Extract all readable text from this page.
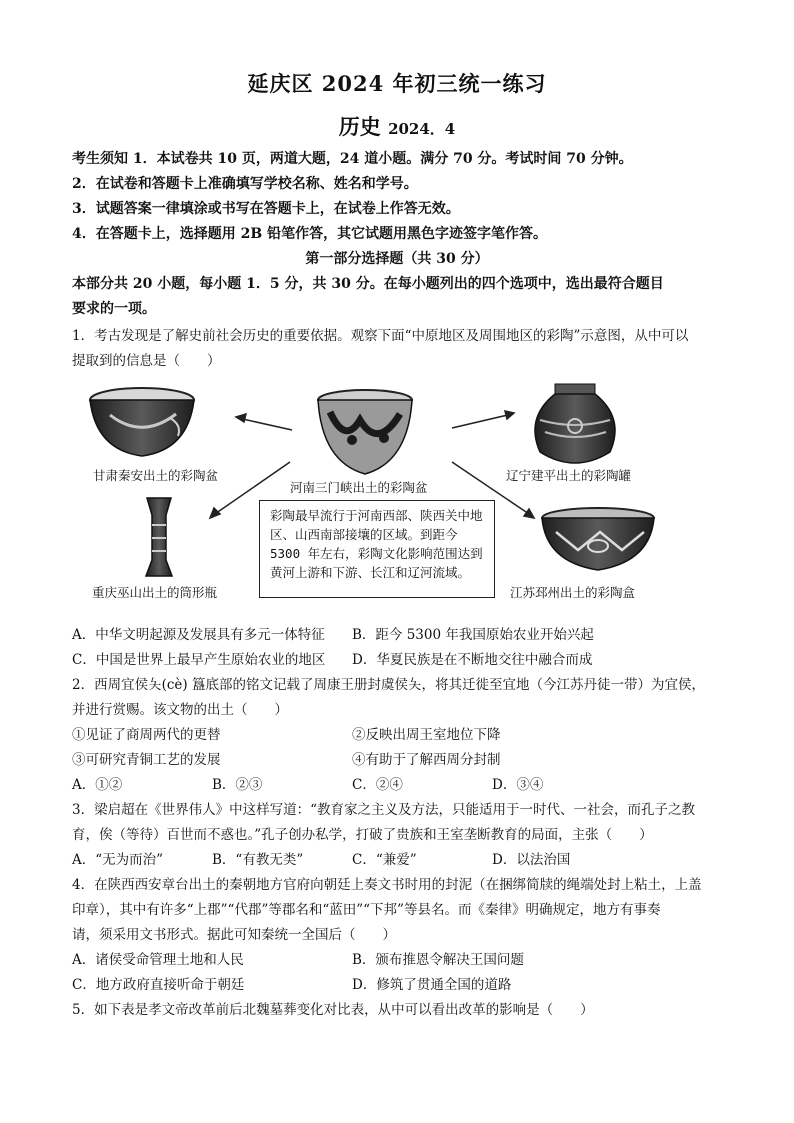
延庆区 2024 年初三统一练习
历史 2024．4
考生须知 1．本试卷共 10 页，两道大题，24 道小题。满分 70 分。考试时间 70 分钟。
2．在试卷和答题卡上准确填写学校名称、姓名和学号。
3．试题答案一律填涂或书写在答题卡上，在试卷上作答无效。
4．在答题卡上，选择题用 2B 铅笔作答，其它试题用黑色字迹签字笔作答。
第一部分选择题（共 30 分）
本部分共 20 小题，每小题 1．5 分，共 30 分。在每小题列出的四个选项中，选出最符合题目
要求的一项。
1．考古发现是了解史前社会历史的重要依据。观察下面“中原地区及周围地区的彩陶”示意图，从中可以
提取到的信息是（　　）
甘肃秦安出土的彩陶盆
河南三门峡出土的彩陶盆
辽宁建平出土的彩陶罐
重庆巫山出土的筒形瓶	江苏邳州出土的彩陶盒
彩陶最早流行于河南西部、陕西关中地区、山西南部接壤的区域。到距今 5300 年左右，彩陶文化影响范围达到黄河上游和下游、长江和辽河流域。
A．中华文明起源及发展具有多元一体特征 B．距今 5300 年我国原始农业开始兴起
C．中国是世界上最早产生原始农业的地区 D．华夏民族是在不断地交往中融合而成
2．西周宜侯夨(cè) 簋底部的铭文记载了周康王册封虞侯夨，将其迁徙至宜地（今江苏丹徒一带）为宜侯，
并进行赏赐。该文物的出土（　　）
①见证了商周两代的更替	②反映出周王室地位下降
③可研究青铜工艺的发展	④有助于了解西周分封制
A．①②	B．②③	C．②④	D．③④
3．梁启超在《世界伟人》中这样写道：“教育家之主义及方法，只能适用于一时代、一社会，而孔子之教
育，俟（等待）百世而不惑也。”孔子创办私学，打破了贵族和王室垄断教育的局面，主张（　　）
A．“无为而治”	B．“有教无类”	C．“兼爱”	D．以法治国
4．在陕西西安章台出土的秦朝地方官府向朝廷上奏文书时用的封泥（在捆绑简牍的绳端处封上粘土，上盖
印章），其中有许多“上郡”“代郡”等郡名和“蓝田”“下邦”等县名。而《秦律》明确规定，地方有事奏
请，须采用文书形式。据此可知秦统一全国后（　　）
A．诸侯受命管理土地和人民	B．颁布推恩令解决王国问题
C．地方政府直接听命于朝廷	D．修筑了贯通全国的道路
5．如下表是孝文帝改革前后北魏墓葬变化对比表，从中可以看出改革的影响是（　　）
